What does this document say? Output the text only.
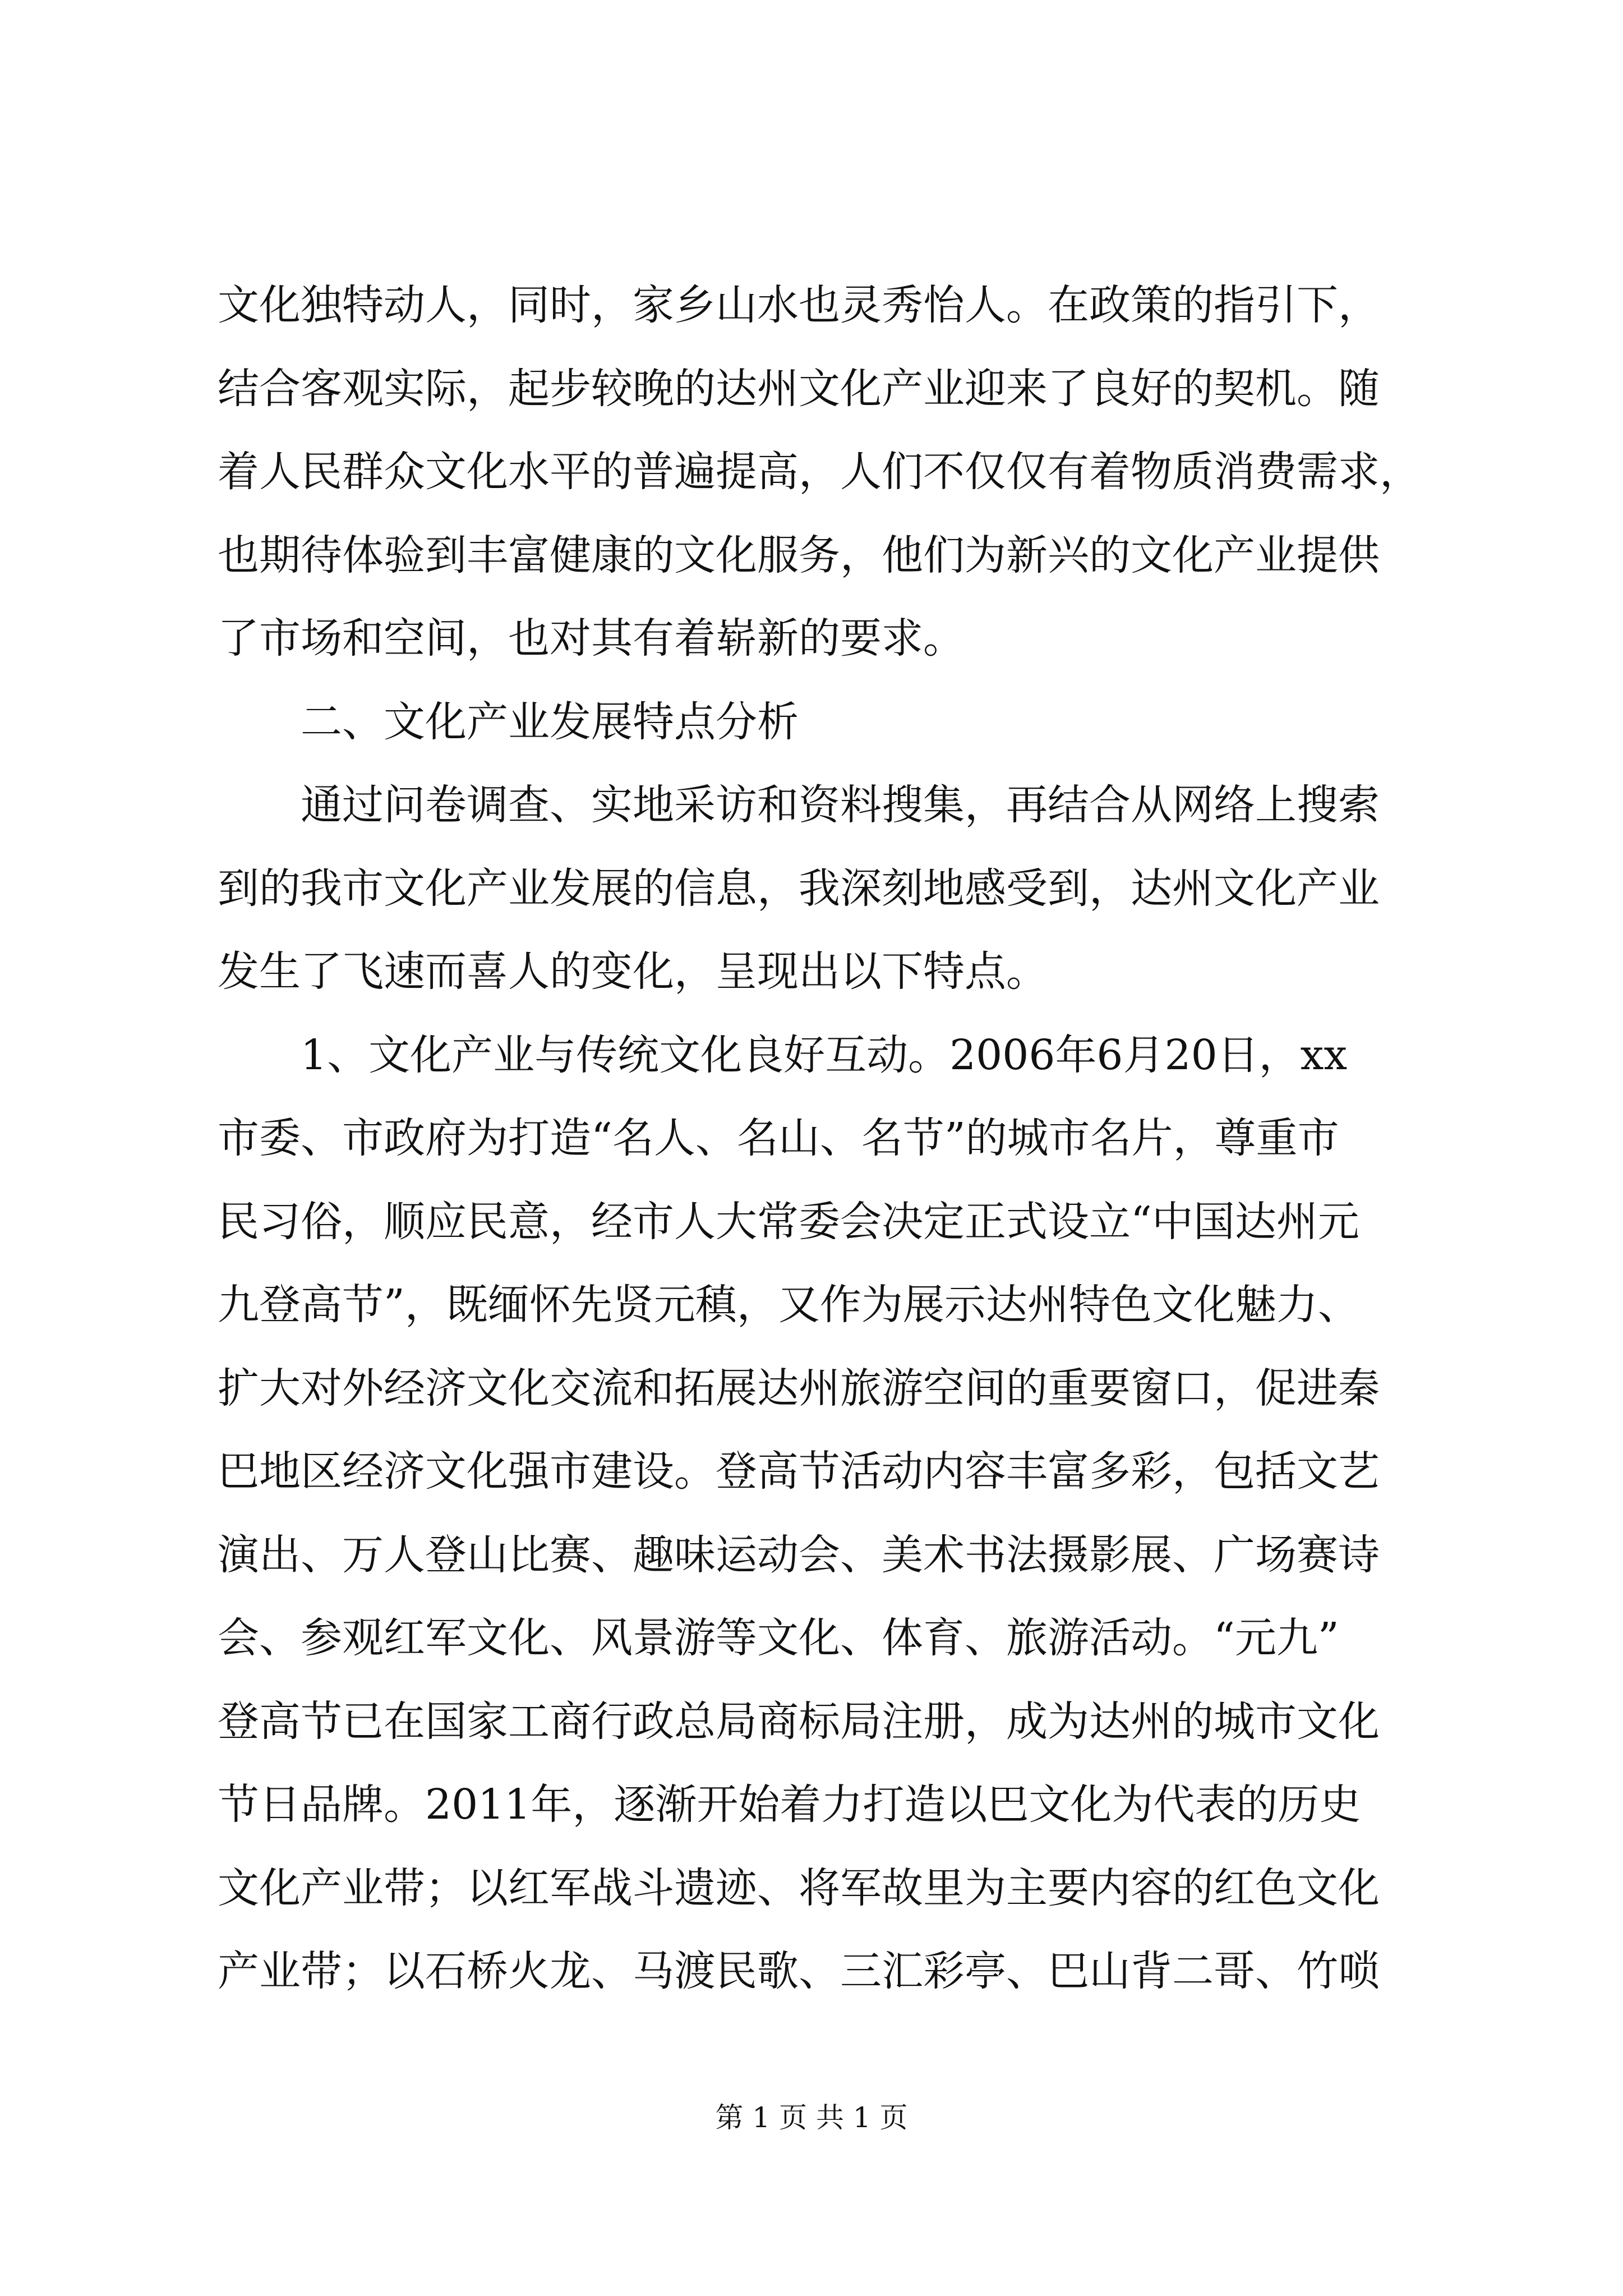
文化独特动人，同时，家乡山水也灵秀怡人。在政策的指引下，
结合客观实际，起步较晚的达州文化产业迎来了良好的契机。随
着人民群众文化水平的普遍提高，人们不仅仅有着物质消费需求，
也期待体验到丰富健康的文化服务，他们为新兴的文化产业提供
了市场和空间，也对其有着崭新的要求。
　　二、文化产业发展特点分析
　　通过问卷调查、实地采访和资料搜集，再结合从网络上搜索
到的我市文化产业发展的信息，我深刻地感受到，达州文化产业
发生了飞速而喜人的变化，呈现出以下特点。
　　1、文化产业与传统文化良好互动。2006年6月20日，xx
市委、市政府为打造“名人、名山、名节”的城市名片，尊重市
民习俗，顺应民意，经市人大常委会决定正式设立“中国达州元
九登高节”，既缅怀先贤元稹，又作为展示达州特色文化魅力、
扩大对外经济文化交流和拓展达州旅游空间的重要窗口，促进秦
巴地区经济文化强市建设。登高节活动内容丰富多彩，包括文艺
演出、万人登山比赛、趣味运动会、美术书法摄影展、广场赛诗
会、参观红军文化、风景游等文化、体育、旅游活动。“元九”
登高节已在国家工商行政总局商标局注册，成为达州的城市文化
节日品牌。2011年，逐渐开始着力打造以巴文化为代表的历史
文化产业带；以红军战斗遗迹、将军故里为主要内容的红色文化
产业带；以石桥火龙、马渡民歌、三汇彩亭、巴山背二哥、竹唢
第 1 页 共 1 页
